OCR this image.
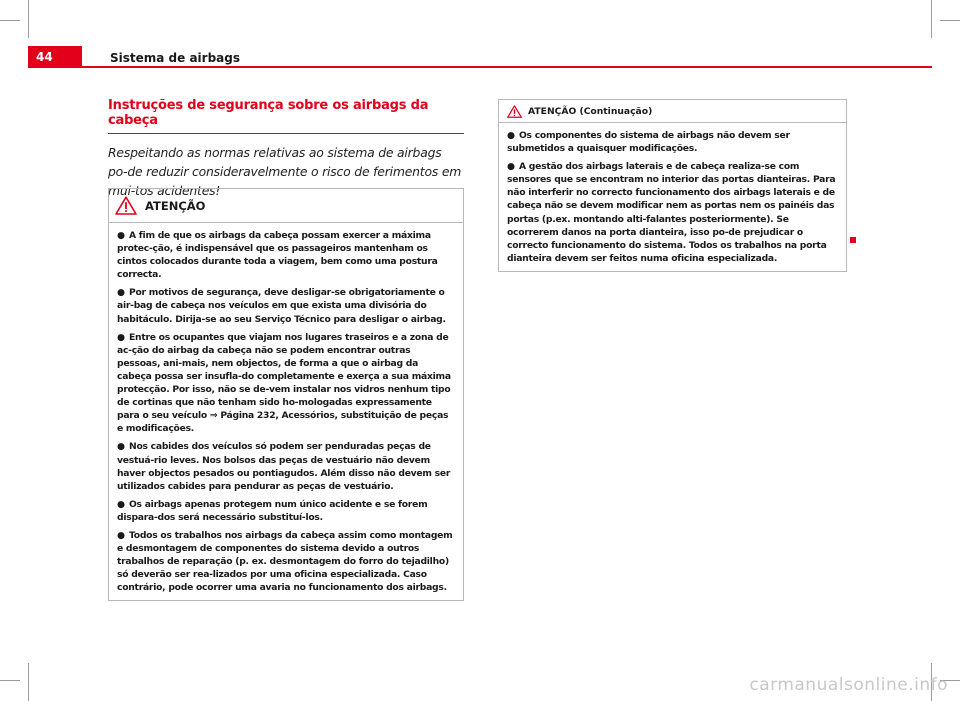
44	Sistema de airbags
Instruções de segurança sobre os airbags da cabeça
Respeitando as normas relativas ao sistema de airbags po-de reduzir consideravelmente o risco de ferimentos em mui-tos acidentes!
ATENÇÃO

● A fim de que os airbags da cabeça possam exercer a máxima protec-ção, é indispensável que os passageiros mantenham os cintos colocados durante toda a viagem, bem como uma postura correcta.

● Por motivos de segurança, deve desligar-se obrigatoriamente o air-bag de cabeça nos veículos em que exista uma divisória do habitáculo. Dirija-se ao seu Serviço Técnico para desligar o airbag.

● Entre os ocupantes que viajam nos lugares traseiros e a zona de ac-ção do airbag da cabeça não se podem encontrar outras pessoas, ani-mais, nem objectos, de forma a que o airbag da cabeça possa ser insufla-do completamente e exerça a sua máxima protecção. Por isso, não se de-vem instalar nos vidros nenhum tipo de cortinas que não tenham sido ho-mologadas expressamente para o seu veículo ⇒ Página 232, Acessórios, substituição de peças e modificações.

● Nos cabides dos veículos só podem ser penduradas peças de vestuá-rio leves. Nos bolsos das peças de vestuário não devem haver objectos pesados ou pontiagudos. Além disso não devem ser utilizados cabides para pendurar as peças de vestuário.

● Os airbags apenas protegem num único acidente e se forem dispara-dos será necessário substituí-los.

● Todos os trabalhos nos airbags da cabeça assim como montagem e desmontagem de componentes do sistema devido a outros trabalhos de reparação (p. ex. desmontagem do forro do tejadilho) só deverão ser rea-lizados por uma oficina especializada. Caso contrário, pode ocorrer uma avaria no funcionamento dos airbags.

ATENÇÃO (Continuação)

● Os componentes do sistema de airbags não devem ser submetidos a quaisquer modificações.

● A gestão dos airbags laterais e de cabeça realiza-se com sensores que se encontram no interior das portas dianteiras. Para não interferir no correcto funcionamento dos airbags laterais e de cabeça não se devem modificar nem as portas nem os painéis das portas (p.ex. montando alti-falantes posteriormente). Se ocorrerem danos na porta dianteira, isso po-de prejudicar o correcto funcionamento do sistema. Todos os trabalhos na porta dianteira devem ser feitos numa oficina especializada.

carmanualsonline.info
